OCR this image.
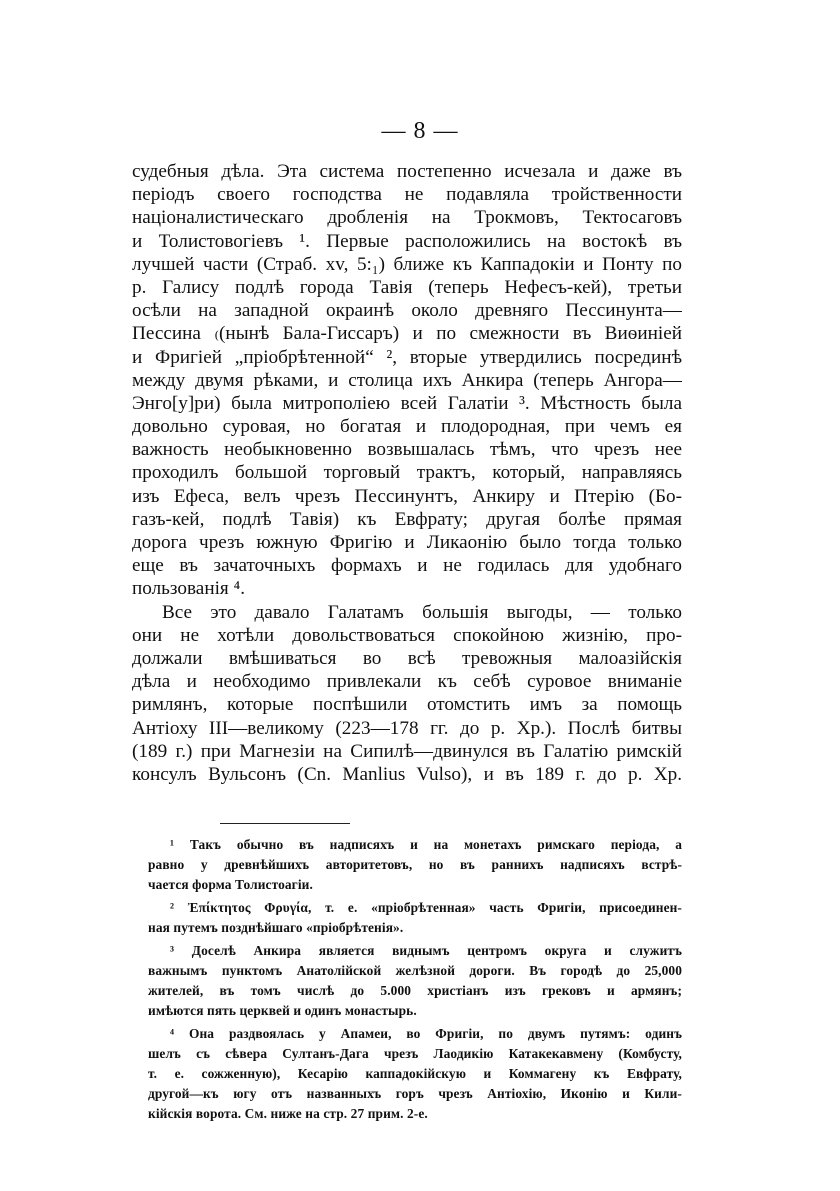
— 8 —
судебныя дѣла. Эта система постепенно исчезала и даже въ
періодъ своего господства не подавляла тройственности
націоналистическаго дробленія на Трокмовъ, Тектосаговъ
и Толистовогіевъ ¹. Первые расположились на востокѣ въ
лучшей части (Страб. xv, 5:₁) ближе къ Каппадокіи и Понту по
р. Галису подлѣ города Тавія (теперь Нефесъ-кей), третьи
осѣли на западной окраинѣ около древняго Пессинунта—
Пессина ₍(нынѣ Бала-Гиссаръ) и по смежности въ Виѳиніей
и Фригіей „пріобрѣтенной“ ², вторые утвердились посрединѣ
между двумя рѣками, и столица ихъ Анкира (теперь Ангора—
Энго[у]ри) была митрополіею всей Галатіи ³. Мѣстность была
довольно суровая, но богатая и плодородная, при чемъ ея
важность необыкновенно возвышалась тѣмъ, что чрезъ нее
проходилъ большой торговый трактъ, который, направляясь
изъ Ефеса, велъ чрезъ Пессинунтъ, Анкиру и Птерію (Бо-
газъ-кей, подлѣ Тавія) къ Евфрату; другая болѣе прямая
дорога чрезъ южную Фригію и Ликаонію было тогда только
еще въ зачаточныхъ формахъ и не годилась для удобнаго
пользованія ⁴.
Все это давало Галатамъ большія выгоды, — только
они не хотѣли довольствоваться спокойною жизнію, про-
должали вмѣшиваться во всѣ тревожныя малоазійскія
дѣла и необходимо привлекали къ себѣ суровое вниманіе
римлянъ, которые поспѣшили отомстить имъ за помощь
Антіоху III—великому (223—178 гг. до р. Хр.). Послѣ битвы
(189 г.) при Магнезіи на Сипилѣ—двинулся въ Галатію римскій
консулъ Вульсонъ (Cn. Manlius Vulso), и въ 189 г. до р. Хр.
¹ Такъ обычно въ надписяхъ и на монетахъ римскаго періода, а
равно у древнѣйшихъ авторитетовъ, но въ раннихъ надписяхъ встрѣ-
чается форма Толистоагіи.
² Ἐπίκτητος Φρυγία, т. е. «пріобрѣтенная» часть Фригіи, присоединен-
ная путемъ позднѣйшаго «пріобрѣтенія».
³ Доселѣ Анкира является виднымъ центромъ округа и служитъ
важнымъ пунктомъ Анатолійской желѣзной дороги. Въ городѣ до 25,000
жителей, въ томъ числѣ до 5.000 христіанъ изъ грековъ и армянъ;
имѣются пять церквей и одинъ монастырь.
⁴ Она раздвоялась у Апамеи, во Фригіи, по двумъ путямъ: одинъ
шелъ съ сѣвера Султанъ-Дага чрезъ Лаодикію Катакекавмену (Комбусту,
т. е. сожженную), Кесарію каппадокійскую и Коммагену къ Евфрату,
другой—къ югу отъ названныхъ горъ чрезъ Антіохію, Иконію и Кили-
кійскія ворота. См. ниже на стр. 27 прим. 2-е.
